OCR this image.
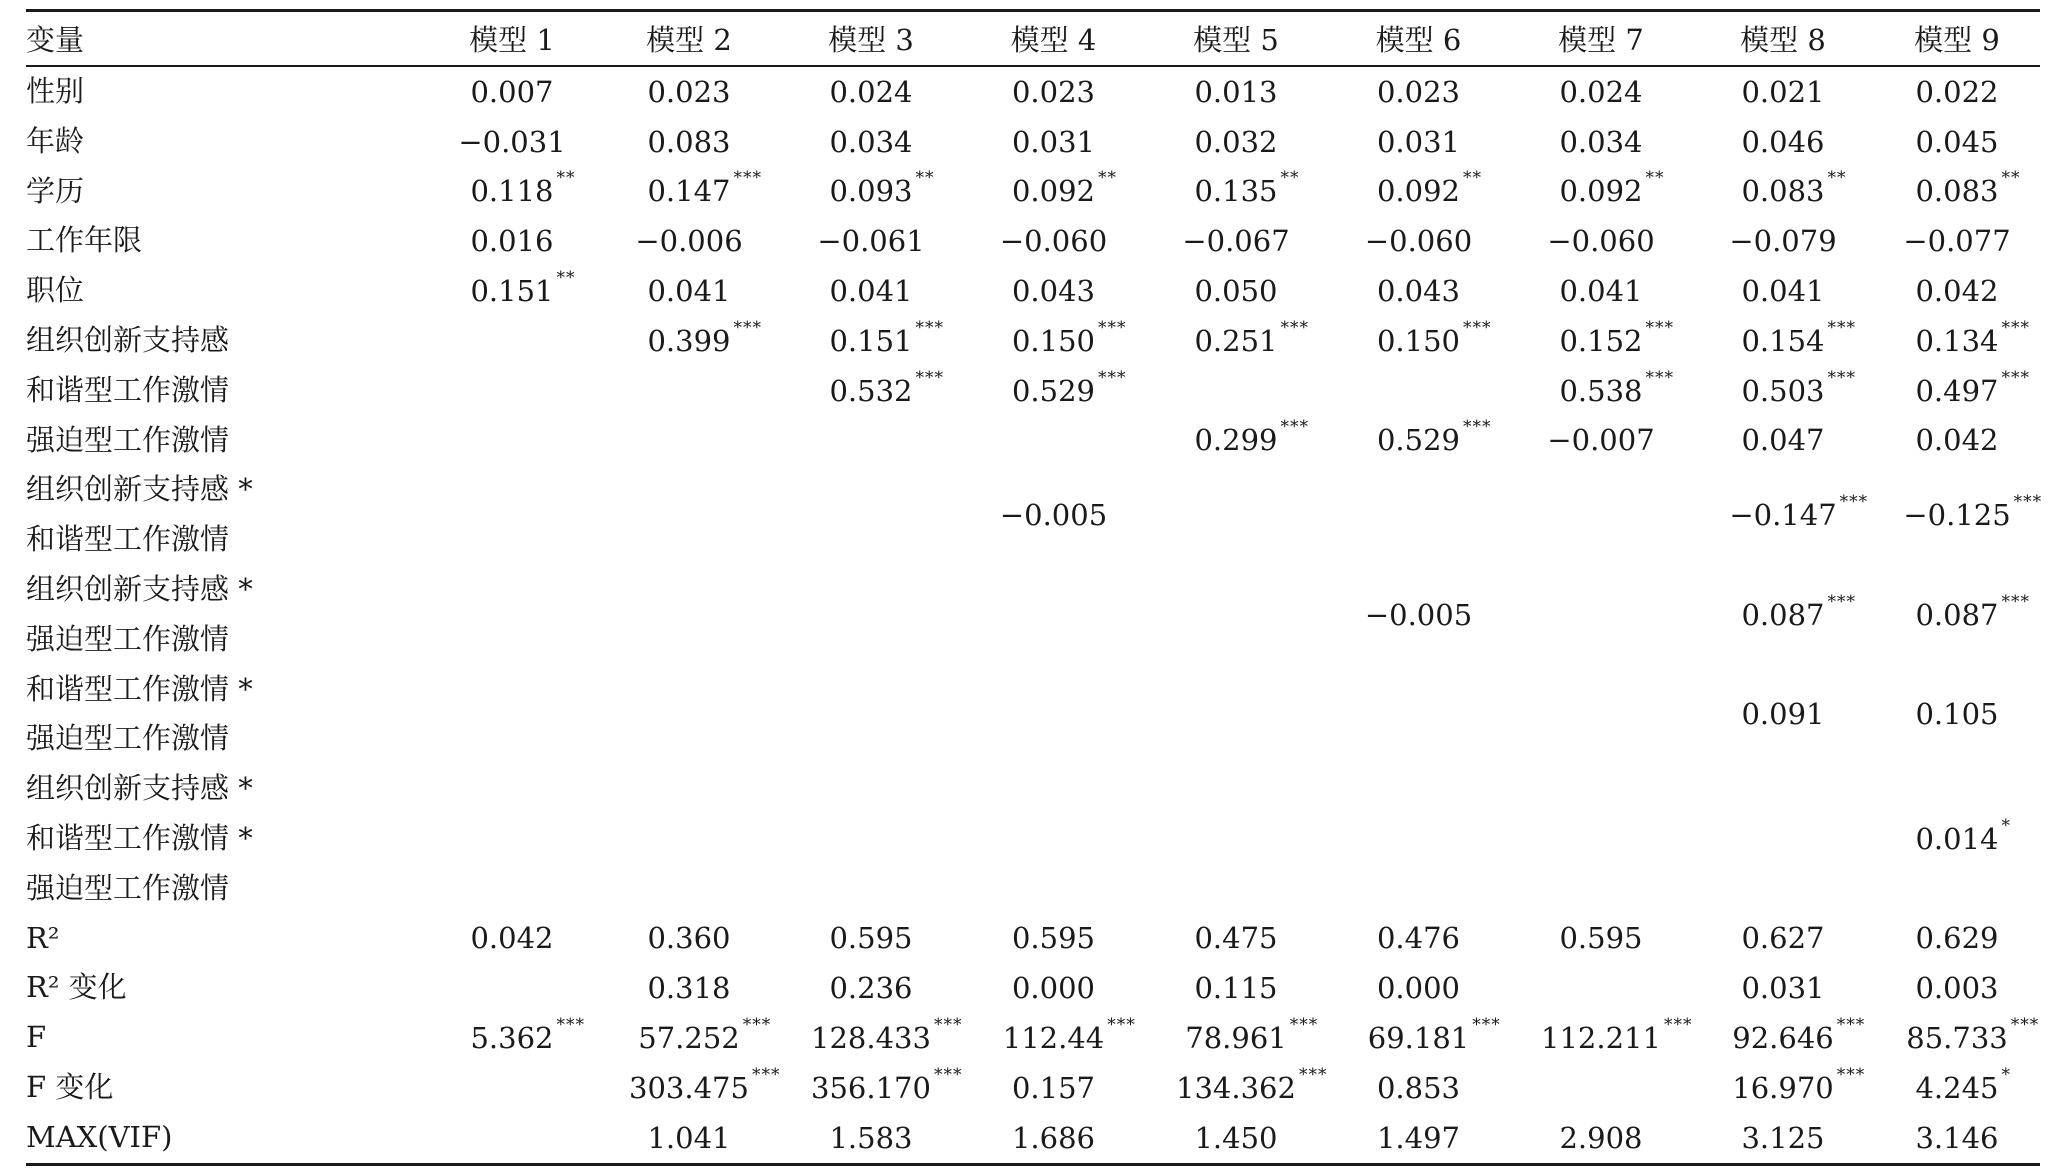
变量	模型 1	模型 2	模型 3	模型 4	模型 5	模型 6	模型 7	模型 8	模型 9

性别	0.007	0.023	0.024	0.023	0.013	0.023	0.024	0.021	0.022

年龄	−0.031	0.083	0.034	0.031	0.032	0.031	0.034	0.046	0.045

学历	0.118 **	0.147 ***	0.093 **	0.092 **	0.135 **	0.092 **	0.092 **	0.083 **	0.083 **

工作年限	0.016	−0.006	−0.061	−0.060	−0.067	−0.060	−0.060	−0.079	−0.077

职位	0.151 **	0.041	0.041	0.043	0.050	0.043	0.041	0.041	0.042

组织创新支持感		0.399 ***	0.151 ***	0.150 ***	0.251 ***	0.150 ***	0.152 ***	0.154 ***	0.134 ***

和谐型工作激情			0.532 ***	0.529 ***			0.538 ***	0.503 ***	0.497 ***

强迫型工作激情					0.299 ***	0.529 ***	−0.007	0.047	0.042

组织创新支持感 *
和谐型工作激情				−0.005				−0.147 ***	−0.125 ***

组织创新支持感 *
强迫型工作激情						−0.005		0.087 ***	0.087 ***

和谐型工作激情 *
强迫型工作激情								0.091	0.105

组织创新支持感 *
和谐型工作激情 *
强迫型工作激情									0.014 *

R²	0.042	0.360	0.595	0.595	0.475	0.476	0.595	0.627	0.629

R² 变化		0.318	0.236	0.000	0.115	0.000		0.031	0.003

F	5.362 ***	57.252 ***	128.433 ***	112.44 ***	78.961 ***	69.181 ***	112.211 ***	92.646 ***	85.733 ***

F 变化		303.475 ***	356.170 ***	0.157	134.362 ***	0.853		16.970 ***	4.245 *

MAX(VIF)		1.041	1.583	1.686	1.450	1.497	2.908	3.125	3.146
